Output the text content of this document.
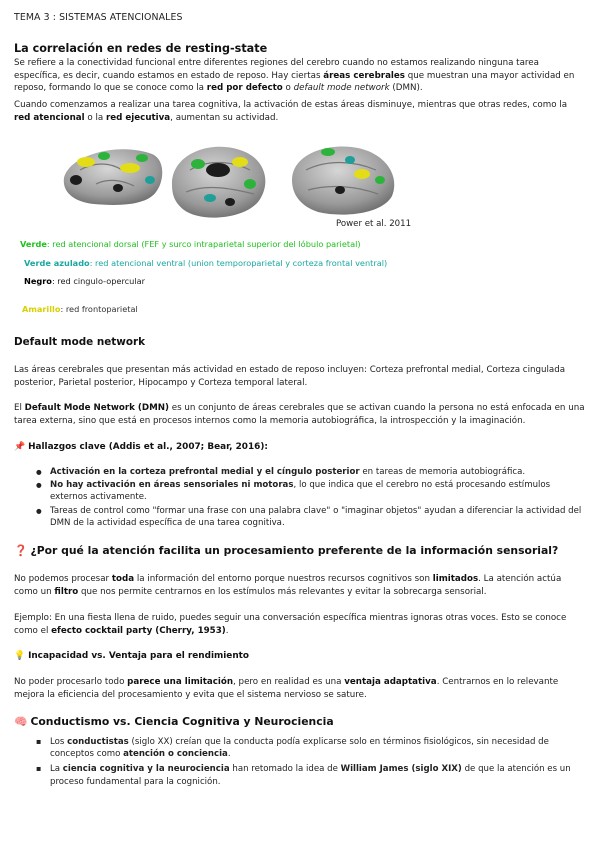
TEMA 3 : SISTEMAS ATENCIONALES
La correlación en redes de resting-state

Se refiere a la conectividad funcional entre diferentes regiones del cerebro cuando no estamos realizando ninguna tarea específica, es decir, cuando estamos en estado de reposo. Hay ciertas áreas cerebrales que muestran una mayor actividad en reposo, formando lo que se conoce como la red por defecto o default mode network (DMN).

Cuando comenzamos a realizar una tarea cognitiva, la activación de estas áreas disminuye, mientras que otras redes, como la red atencional o la red ejecutiva, aumentan su actividad.

Power et al. 2011
Verde: red atencional dorsal (FEF y surco intraparietal superior del lóbulo parietal)
Verde azulado: red atencional ventral (union temporoparietal y corteza frontal ventral)
Negro: red cingulo-opercular
Amarillo: red frontoparietal
Default mode network

Las áreas cerebrales que presentan más actividad en estado de reposo incluyen: Corteza prefrontal medial, Corteza cingulada posterior, Parietal posterior, Hipocampo y Corteza temporal lateral.

El Default Mode Network (DMN) es un conjunto de áreas cerebrales que se activan cuando la persona no está enfocada en una tarea externa, sino que está en procesos internos como la memoria autobiográfica, la introspección y la imaginación.

📌 Hallazgos clave (Addis et al., 2007; Bear, 2016):
● Activación en la corteza prefrontal medial y el cíngulo posterior en tareas de memoria autobiográfica.
● No hay activación en áreas sensoriales ni motoras, lo que indica que el cerebro no está procesando estímulos externos activamente.
● Tareas de control como "formar una frase con una palabra clave" o "imaginar objetos" ayudan a diferenciar la actividad del DMN de la actividad específica de una tarea cognitiva.
❓ ¿Por qué la atención facilita un procesamiento preferente de la información sensorial?

No podemos procesar toda la información del entorno porque nuestros recursos cognitivos son limitados. La atención actúa como un filtro que nos permite centrarnos en los estímulos más relevantes y evitar la sobrecarga sensorial.

Ejemplo: En una fiesta llena de ruido, puedes seguir una conversación específica mientras ignoras otras voces. Esto se conoce como el efecto cocktail party (Cherry, 1953).

💡 Incapacidad vs. Ventaja para el rendimiento

No poder procesarlo todo parece una limitación, pero en realidad es una ventaja adaptativa. Centrarnos en lo relevante mejora la eficiencia del procesamiento y evita que el sistema nervioso se sature.

🧠 Conductismo vs. Ciencia Cognitiva y Neurociencia
▪ Los conductistas (siglo XX) creían que la conducta podía explicarse solo en términos fisiológicos, sin necesidad de conceptos como atención o conciencia.
▪ La ciencia cognitiva y la neurociencia han retomado la idea de William James (siglo XIX) de que la atención es un proceso fundamental para la cognición.
